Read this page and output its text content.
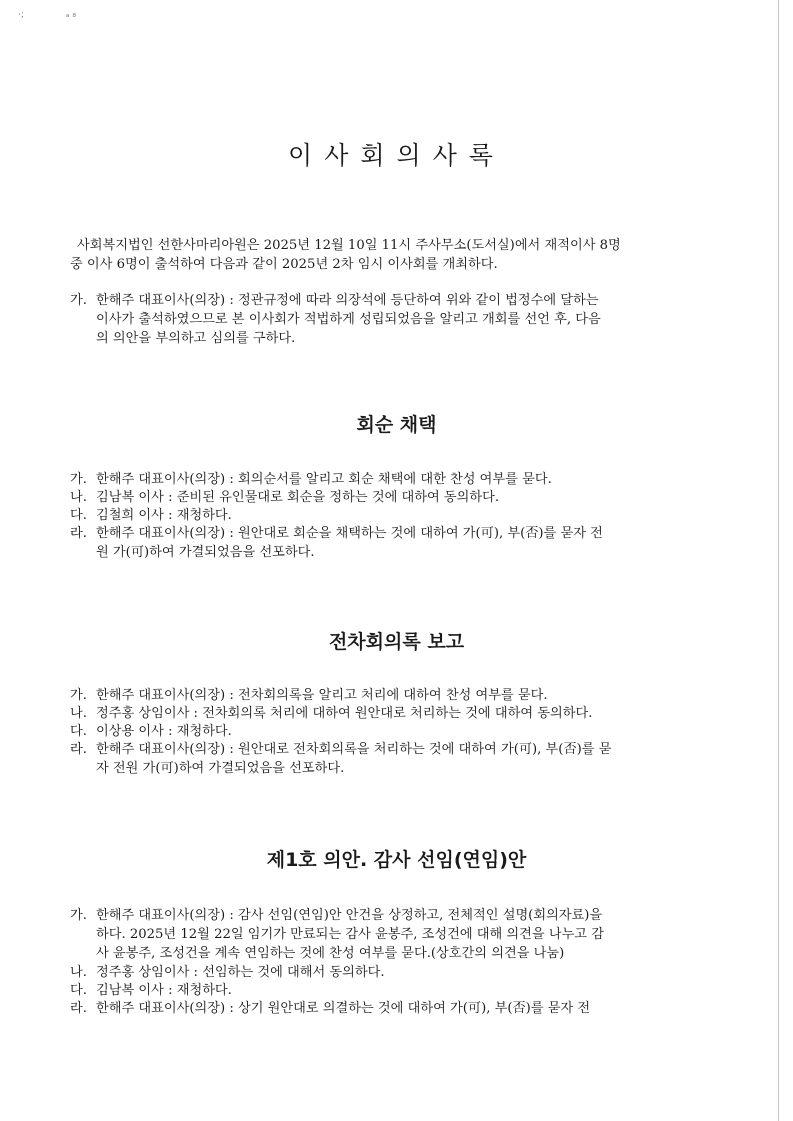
·;	ₐ ₈
이사회의사록
사회복지법인 선한사마리아원은 2025년 12월 10일 11시 주사무소(도서실)에서 재적이사 8명
중 이사 6명이 출석하여 다음과 같이 2025년 2차 임시 이사회를 개최하다.
가. 한해주 대표이사(의장) : 정관규정에 따라 의장석에 등단하여 위와 같이 법정수에 달하는
이사가 출석하였으므로 본 이사회가 적법하게 성립되었음을 알리고 개회를 선언 후, 다음
의 의안을 부의하고 심의를 구하다.
회순 채택
가. 한해주 대표이사(의장) : 회의순서를 알리고 회순 채택에 대한 찬성 여부를 묻다.
나. 김남복 이사 : 준비된 유인물대로 회순을 정하는 것에 대하여 동의하다.
다. 김철희 이사 : 재청하다.
라. 한해주 대표이사(의장) : 원안대로 회순을 채택하는 것에 대하여 가(可), 부(否)를 묻자 전
원 가(可)하여 가결되었음을 선포하다.
전차회의록 보고
가. 한해주 대표이사(의장) : 전차회의록을 알리고 처리에 대하여 찬성 여부를 묻다.
나. 정주홍 상임이사 : 전차회의록 처리에 대하여 원안대로 처리하는 것에 대하여 동의하다.
다. 이상용 이사 : 재청하다.
라. 한해주 대표이사(의장) : 원안대로 전차회의록을 처리하는 것에 대하여 가(可), 부(否)를 묻
자 전원 가(可)하여 가결되었음을 선포하다.
제1호 의안. 감사 선임(연임)안
가. 한해주 대표이사(의장) : 감사 선임(연임)안 안건을 상정하고, 전체적인 설명(회의자료)을
하다. 2025년 12월 22일 임기가 만료되는 감사 윤봉주, 조성건에 대해 의견을 나누고 감
사 윤봉주, 조성건을 계속 연임하는 것에 찬성 여부를 묻다.(상호간의 의견을 나눔)
나. 정주홍 상임이사 : 선임하는 것에 대해서 동의하다.
다. 김남복 이사 : 재청하다.
라. 한해주 대표이사(의장) : 상기 원안대로 의결하는 것에 대하여 가(可), 부(否)를 묻자 전
